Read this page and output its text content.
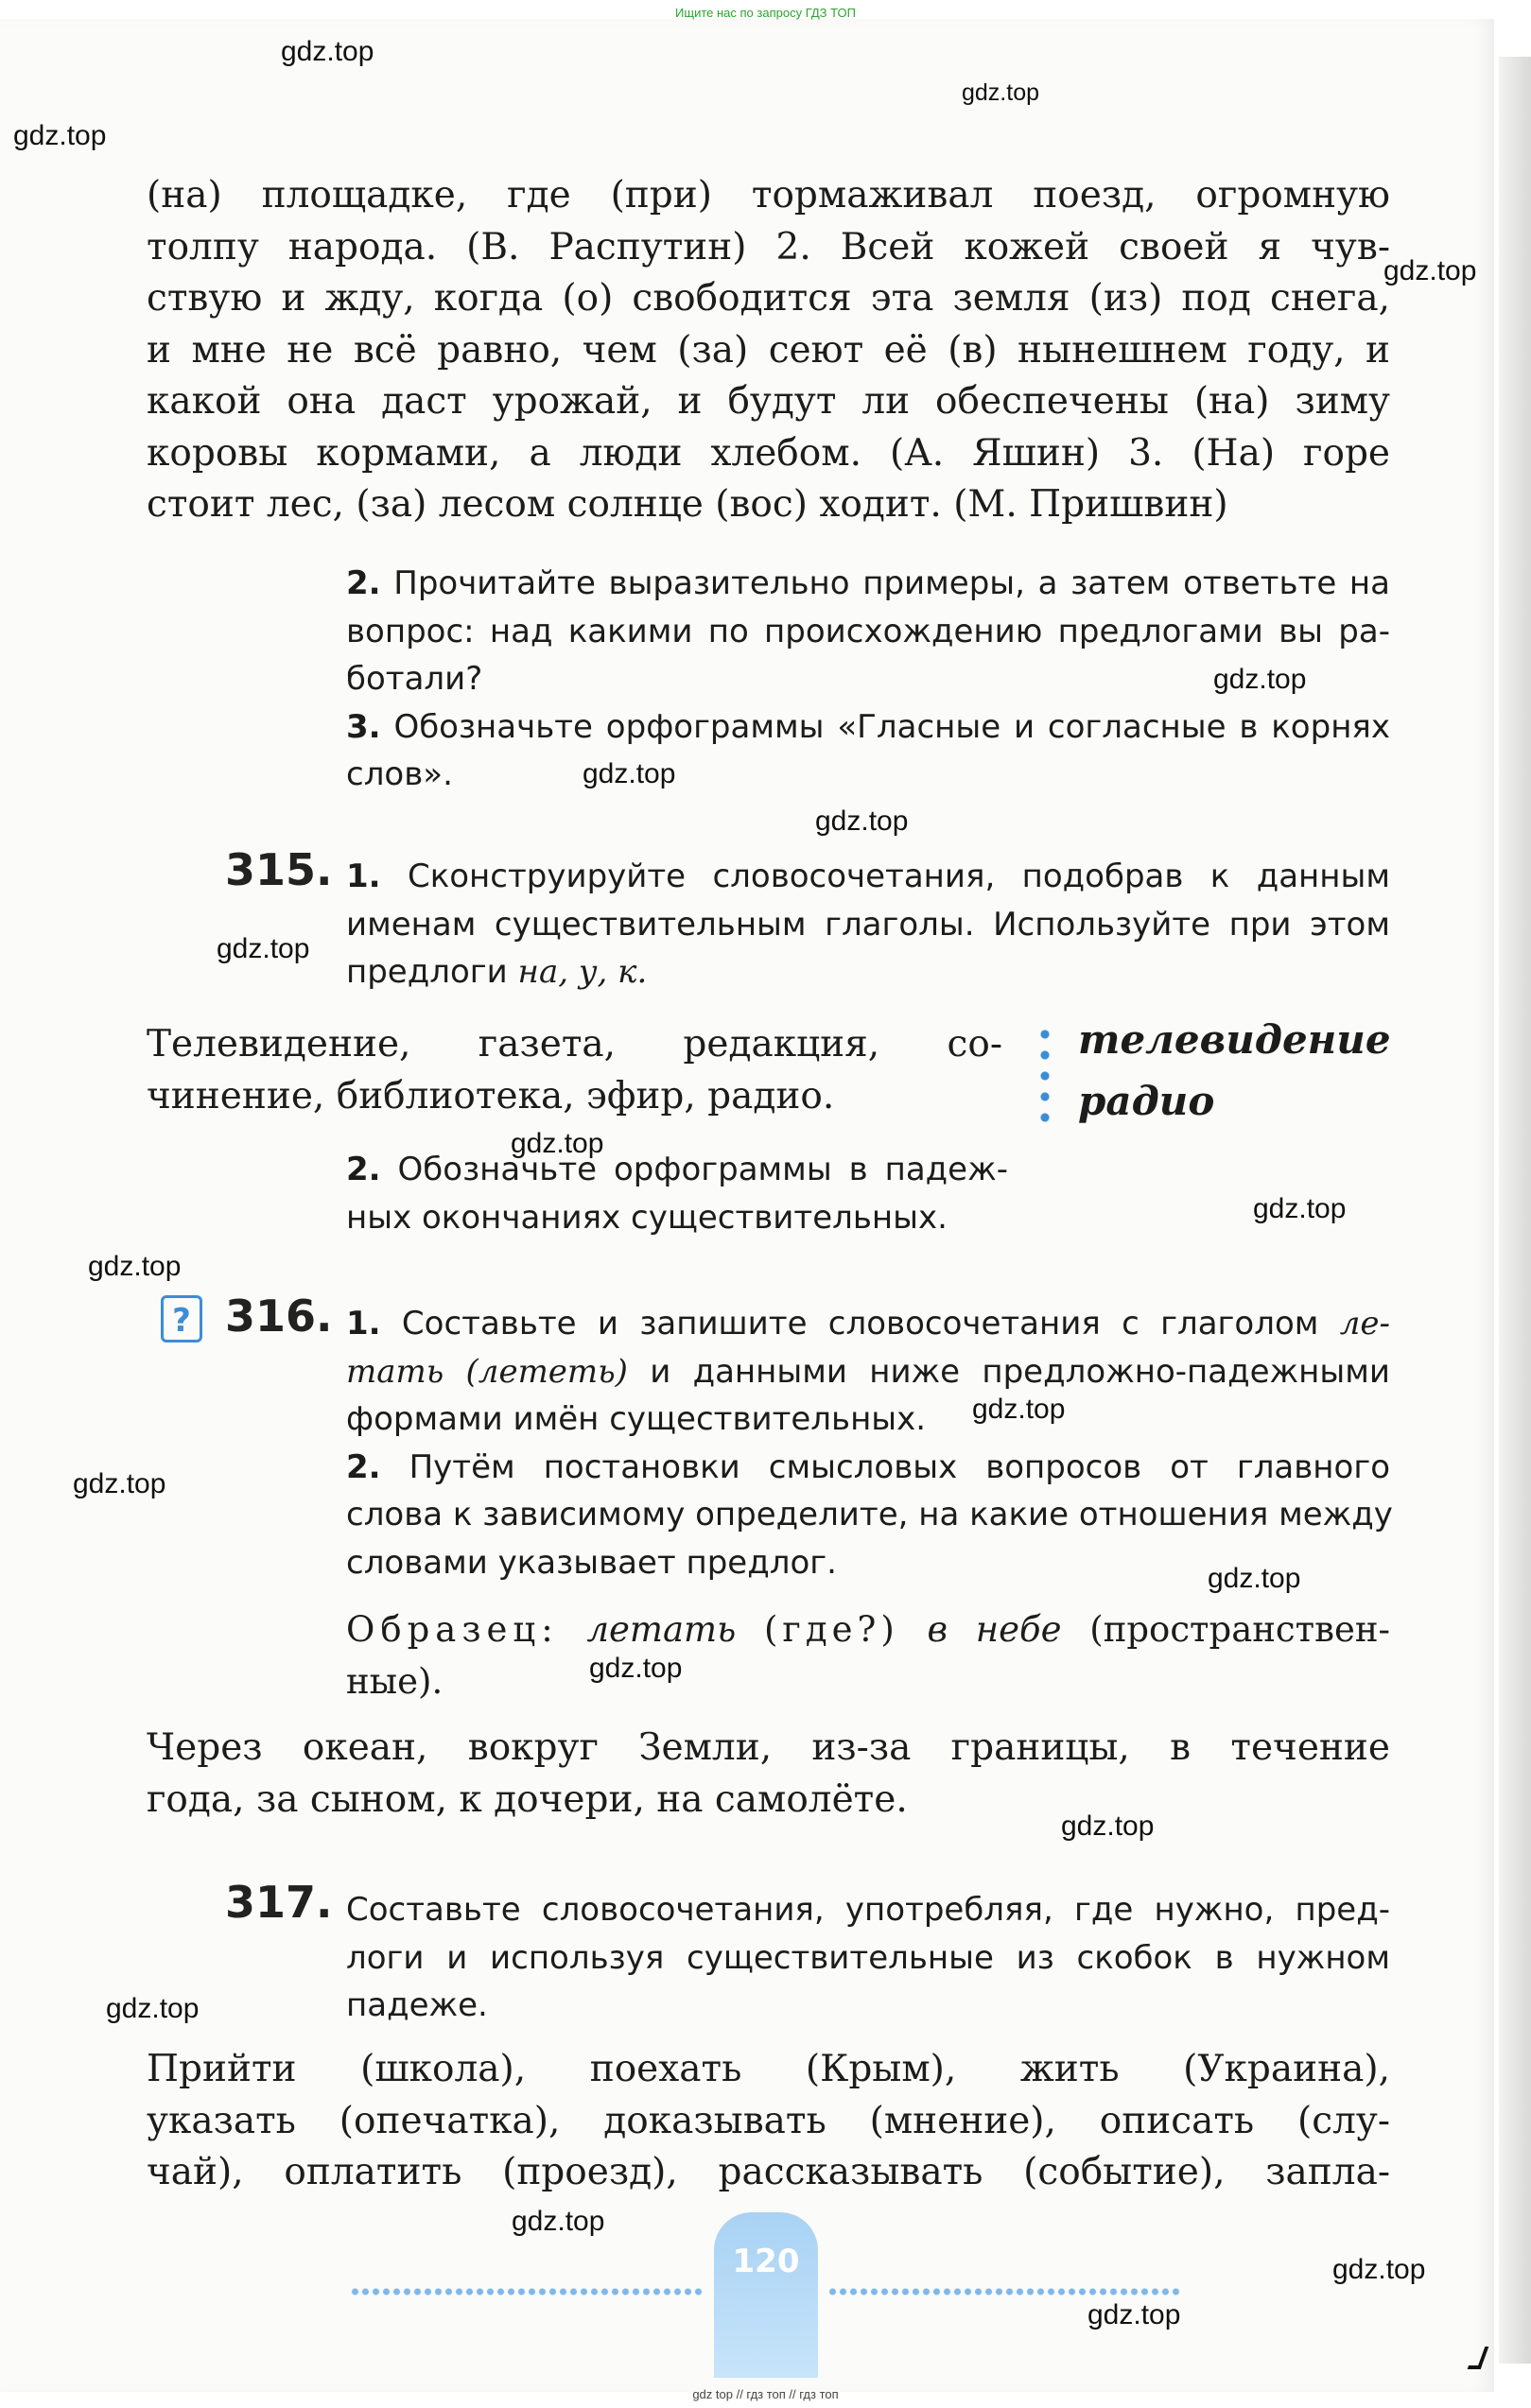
Ищите нас по запросу ГДЗ ТОП
gdz.top
gdz.top
gdz.top
gdz.top
gdz.top
gdz.top
gdz.top
gdz.top
gdz.top
gdz.top
gdz.top
gdz.top
gdz.top
gdz.top
gdz.top
gdz.top
gdz.top
gdz.top
gdz.top
gdz.top
(на) площадке, где (при) тормаживал поезд, огромную
толпу народа. (В. Распутин) 2. Всей кожей своей я чув-
ствую и жду, когда (о) свободится эта земля (из) под снега,
и мне не всё равно, чем (за) сеют её (в) нынешнем году, и
какой она даст урожай, и будут ли обеспечены (на) зиму
коровы кормами, а люди хлебом. (А. Яшин) 3. (На) горе
стоит лес, (за) лесом солнце (вос) ходит. (М. Пришвин)
2. Прочитайте выразительно примеры, а затем ответьте на
вопрос: над какими по происхождению предлогами вы ра-
ботали?
3. Обозначьте орфограммы «Гласные и согласные в корнях
слов».
315. 1. Сконструируйте словосочетания, подобрав к данным
именам существительным глаголы. Используйте при этом
предлоги на, у, к.
Телевидение, газета, редакция, со-
чинение, библиотека, эфир, радио.
телевидение
радио
2. Обозначьте орфограммы в падеж-
ных окончаниях существительных.
? 316. 1. Составьте и запишите словосочетания с глаголом ле-
тать (лететь) и данными ниже предложно-падежными
формами имён существительных.
2. Путём постановки смысловых вопросов от главного
слова к зависимому определите, на какие отношения между
словами указывает предлог.
Образец: летать (где?) в небе (пространствен-
ные).
Через океан, вокруг Земли, из-за границы, в течение
года, за сыном, к дочери, на самолёте.
317. Составьте словосочетания, употребляя, где нужно, пред-
логи и используя существительные из скобок в нужном
падеже.
Прийти (школа), поехать (Крым), жить (Украина),
указать (опечатка), доказывать (мнение), описать (слу-
чай), оплатить (проезд), рассказывать (событие), запла-
120
gdz top // гдз топ // гдз топ
